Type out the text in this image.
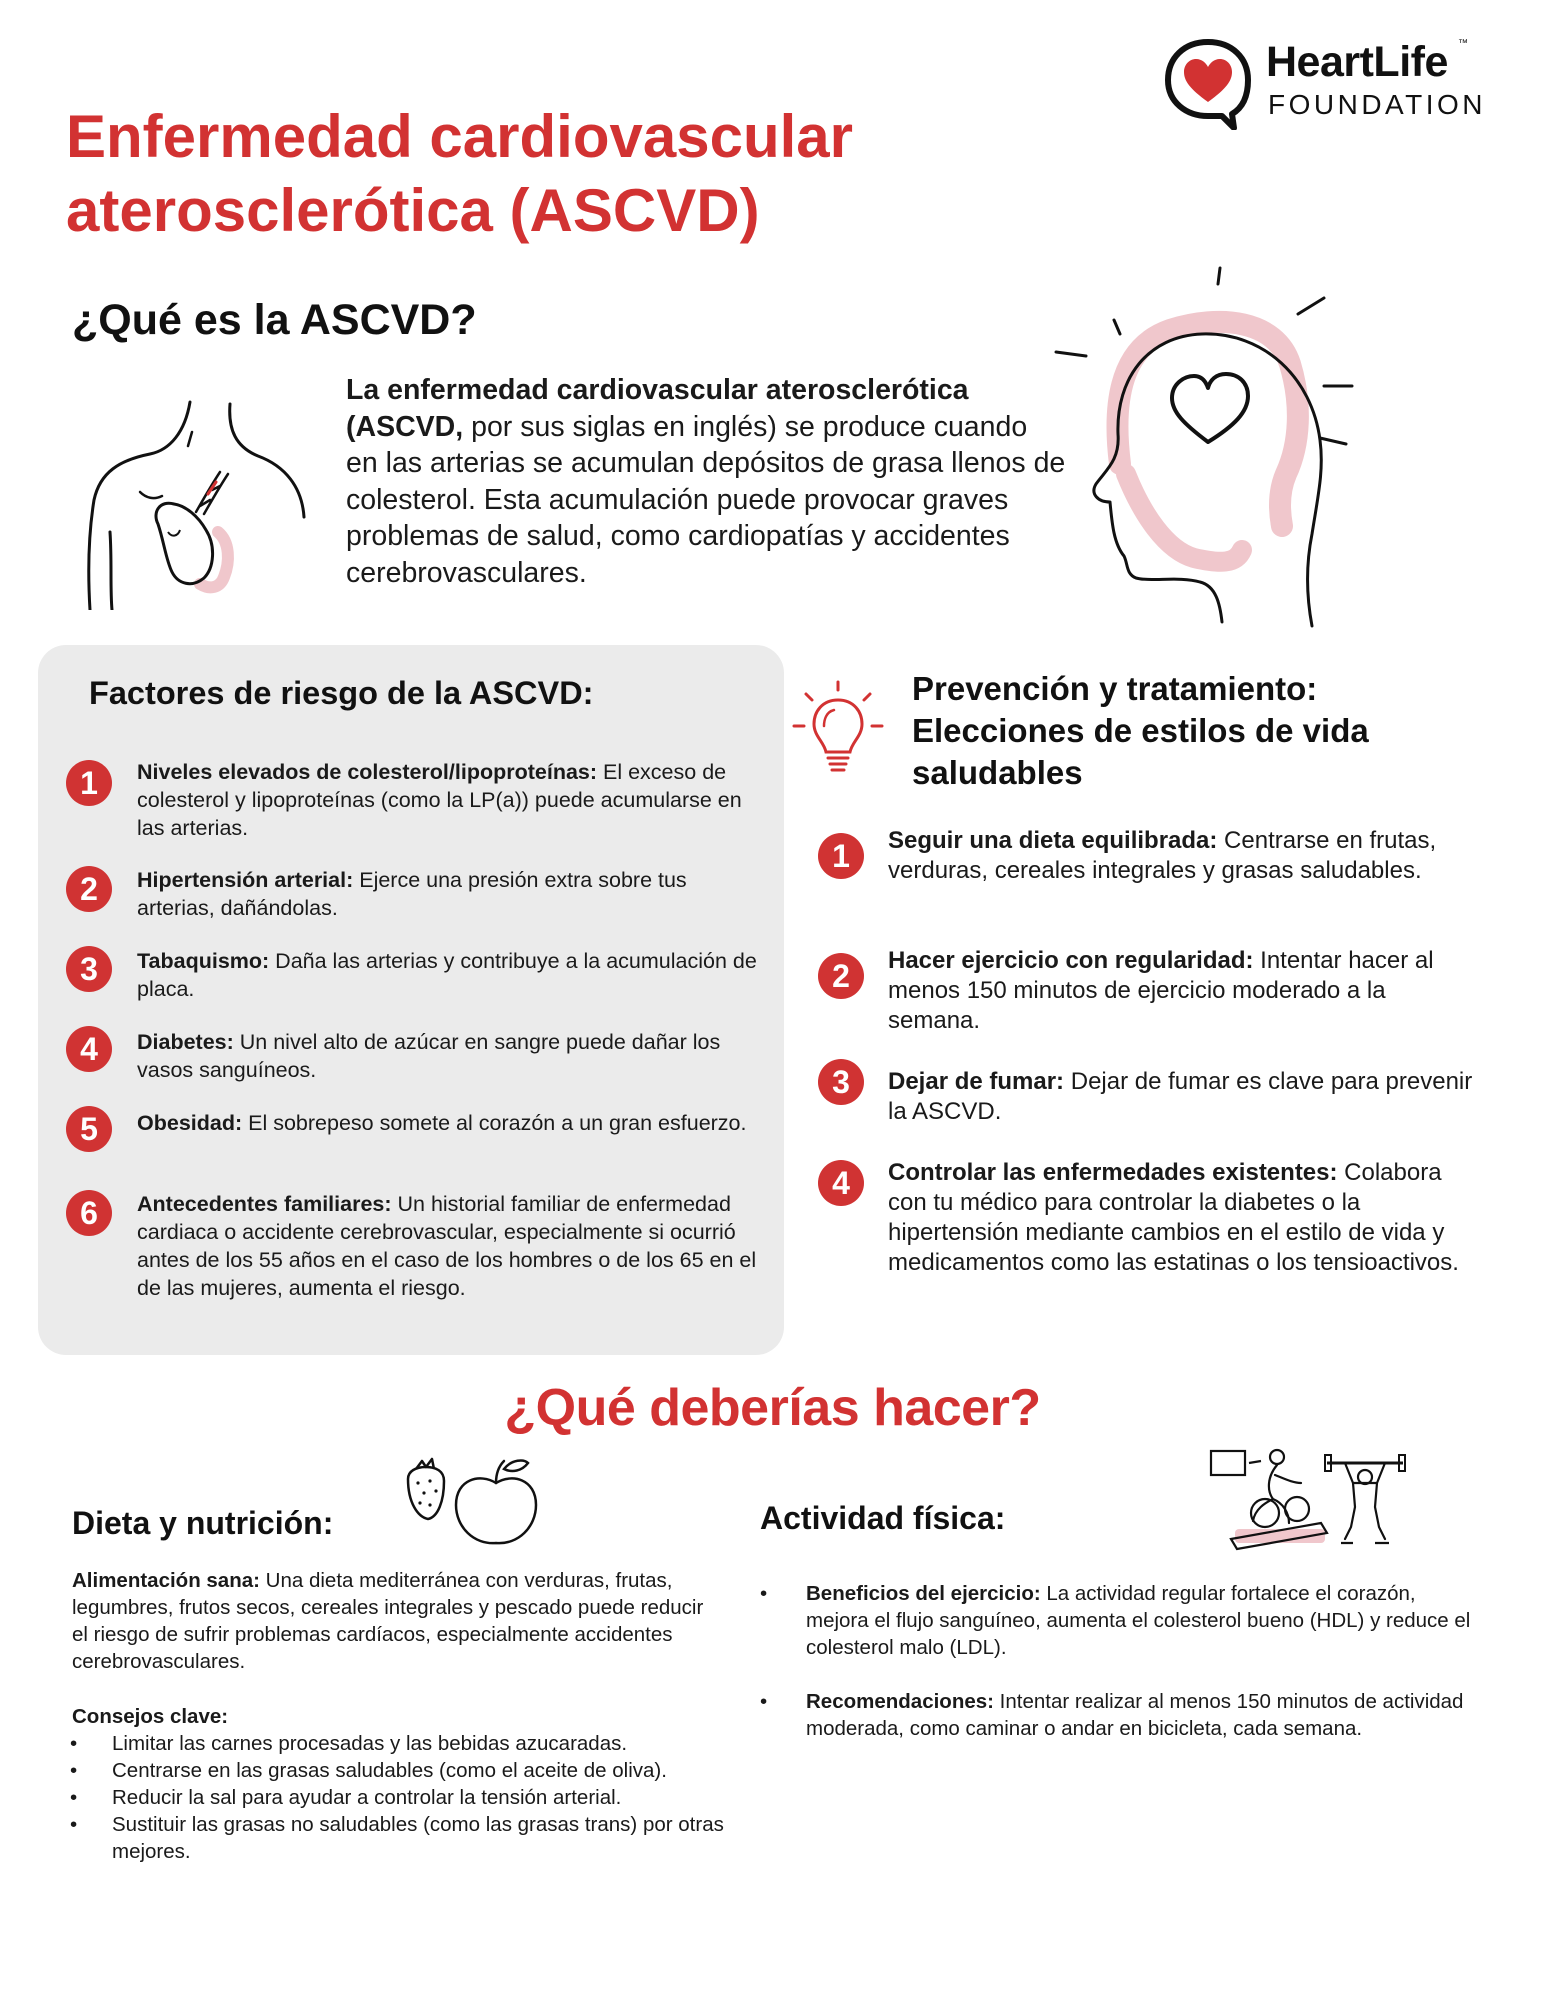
HeartLife ™
FOUNDATION
Enfermedad cardiovascular
aterosclerótica (ASCVD)
¿Qué es la ASCVD?

La enfermedad cardiovascular aterosclerótica (ASCVD, por sus siglas en inglés) se produce cuando en las arterias se acumulan depósitos de grasa llenos de colesterol. Esta acumulación puede provocar graves problemas de salud, como cardiopatías y accidentes cerebrovasculares.

Factores de riesgo de la ASCVD:
1	Niveles elevados de colesterol/lipoproteínas: El exceso de colesterol y lipoproteínas (como la LP(a)) puede acumularse en las arterias.

2	Hipertensión arterial: Ejerce una presión extra sobre tus arterias, dañándolas.

3	Tabaquismo: Daña las arterias y contribuye a la acumulación de placa.

4	Diabetes: Un nivel alto de azúcar en sangre puede dañar los vasos sanguíneos.

5	Obesidad: El sobrepeso somete al corazón a un gran esfuerzo.

6	Antecedentes familiares: Un historial familiar de enfermedad cardiaca o accidente cerebrovascular, especialmente si ocurrió antes de los 55 años en el caso de los hombres o de los 65 en el de las mujeres, aumenta el riesgo.

Prevención y tratamiento:
Elecciones de estilos de vida
saludables
1	Seguir una dieta equilibrada: Centrarse en frutas, verduras, cereales integrales y grasas saludables.

2	Hacer ejercicio con regularidad: Intentar hacer al menos 150 minutos de ejercicio moderado a la semana.

3	Dejar de fumar: Dejar de fumar es clave para prevenir la ASCVD.

4	Controlar las enfermedades existentes: Colabora con tu médico para controlar la diabetes o la hipertensión mediante cambios en el estilo de vida y medicamentos como las estatinas o los tensioactivos.

¿Qué deberías hacer?
Dieta y nutrición:

Alimentación sana: Una dieta mediterránea con verduras, frutas, legumbres, frutos secos, cereales integrales y pescado puede reducir el riesgo de sufrir problemas cardíacos, especialmente accidentes cerebrovasculares.

Consejos clave:

• Limitar las carnes procesadas y las bebidas azucaradas.
• Centrarse en las grasas saludables (como el aceite de oliva).
• Reducir la sal para ayudar a controlar la tensión arterial.
• Sustituir las grasas no saludables (como las grasas trans) por otras mejores.
Actividad física:
• Beneficios del ejercicio: La actividad regular fortalece el corazón, mejora el flujo sanguíneo, aumenta el colesterol bueno (HDL) y reduce el colesterol malo (LDL).
• Recomendaciones: Intentar realizar al menos 150 minutos de actividad moderada, como caminar o andar en bicicleta, cada semana.
